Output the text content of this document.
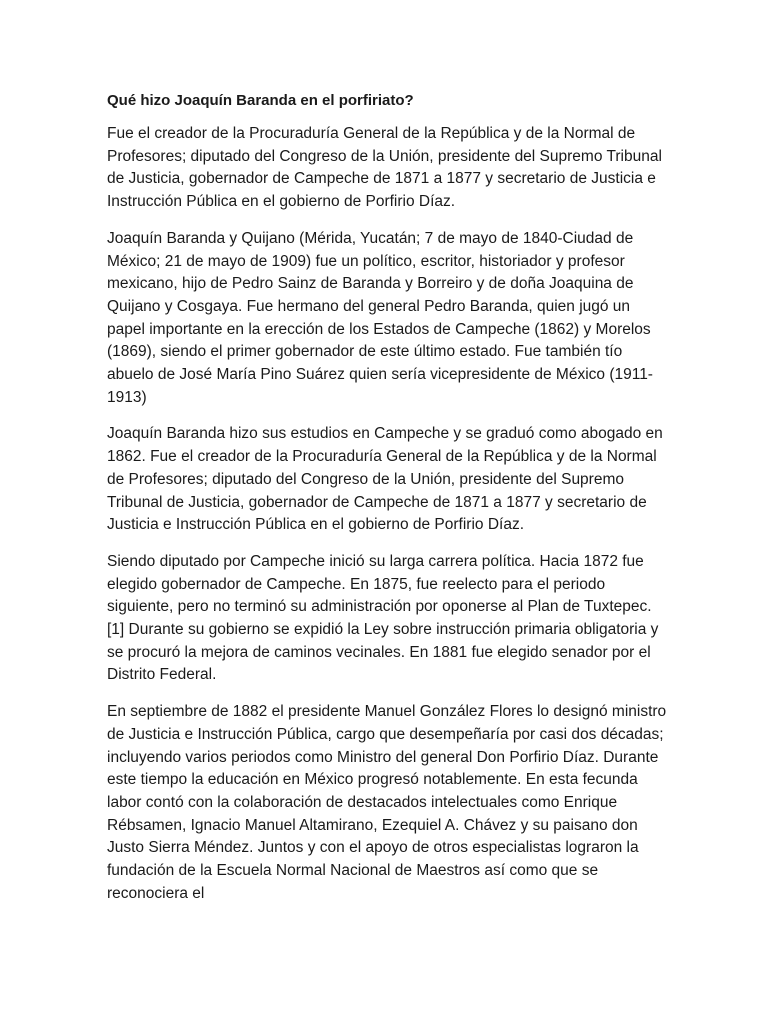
Qué hizo Joaquín Baranda en el porfiriato?

Fue el creador de la Procuraduría General de la República y de la Normal de Profesores; diputado del Congreso de la Unión, presidente del Supremo Tribunal de Justicia, gobernador de Campeche de 1871 a 1877 y secretario de Justicia e Instrucción Pública en el gobierno de Porfirio Díaz.

Joaquín Baranda y Quijano (Mérida, Yucatán; 7 de mayo de 1840-Ciudad de México; 21 de mayo de 1909) fue un político, escritor, historiador y profesor mexicano, hijo de Pedro Sainz de Baranda y Borreiro y de doña Joaquina de Quijano y Cosgaya. Fue hermano del general Pedro Baranda, quien jugó un papel importante en la erección de los Estados de Campeche (1862) y Morelos (1869), siendo el primer gobernador de este último estado. Fue también tío abuelo de José María Pino Suárez quien sería vicepresidente de México (1911-1913)

Joaquín Baranda hizo sus estudios en Campeche y se graduó como abogado en 1862. Fue el creador de la Procuraduría General de la República y de la Normal de Profesores; diputado del Congreso de la Unión, presidente del Supremo Tribunal de Justicia, gobernador de Campeche de 1871 a 1877 y secretario de Justicia e Instrucción Pública en el gobierno de Porfirio Díaz.

Siendo diputado por Campeche inició su larga carrera política. Hacia 1872 fue elegido gobernador de Campeche. En 1875, fue reelecto para el periodo siguiente, pero no terminó su administración por oponerse al Plan de Tuxtepec.[1] Durante su gobierno se expidió la Ley sobre instrucción primaria obligatoria y se procuró la mejora de caminos vecinales. En 1881 fue elegido senador por el Distrito Federal.

En septiembre de 1882 el presidente Manuel González Flores lo designó ministro de Justicia e Instrucción Pública, cargo que desempeñaría por casi dos décadas; incluyendo varios periodos como Ministro del general Don Porfirio Díaz. Durante este tiempo la educación en México progresó notablemente. En esta fecunda labor contó con la colaboración de destacados intelectuales como Enrique Rébsamen, Ignacio Manuel Altamirano, Ezequiel A. Chávez y su paisano don Justo Sierra Méndez. Juntos y con el apoyo de otros especialistas lograron la fundación de la Escuela Normal Nacional de Maestros así como que se reconociera el
